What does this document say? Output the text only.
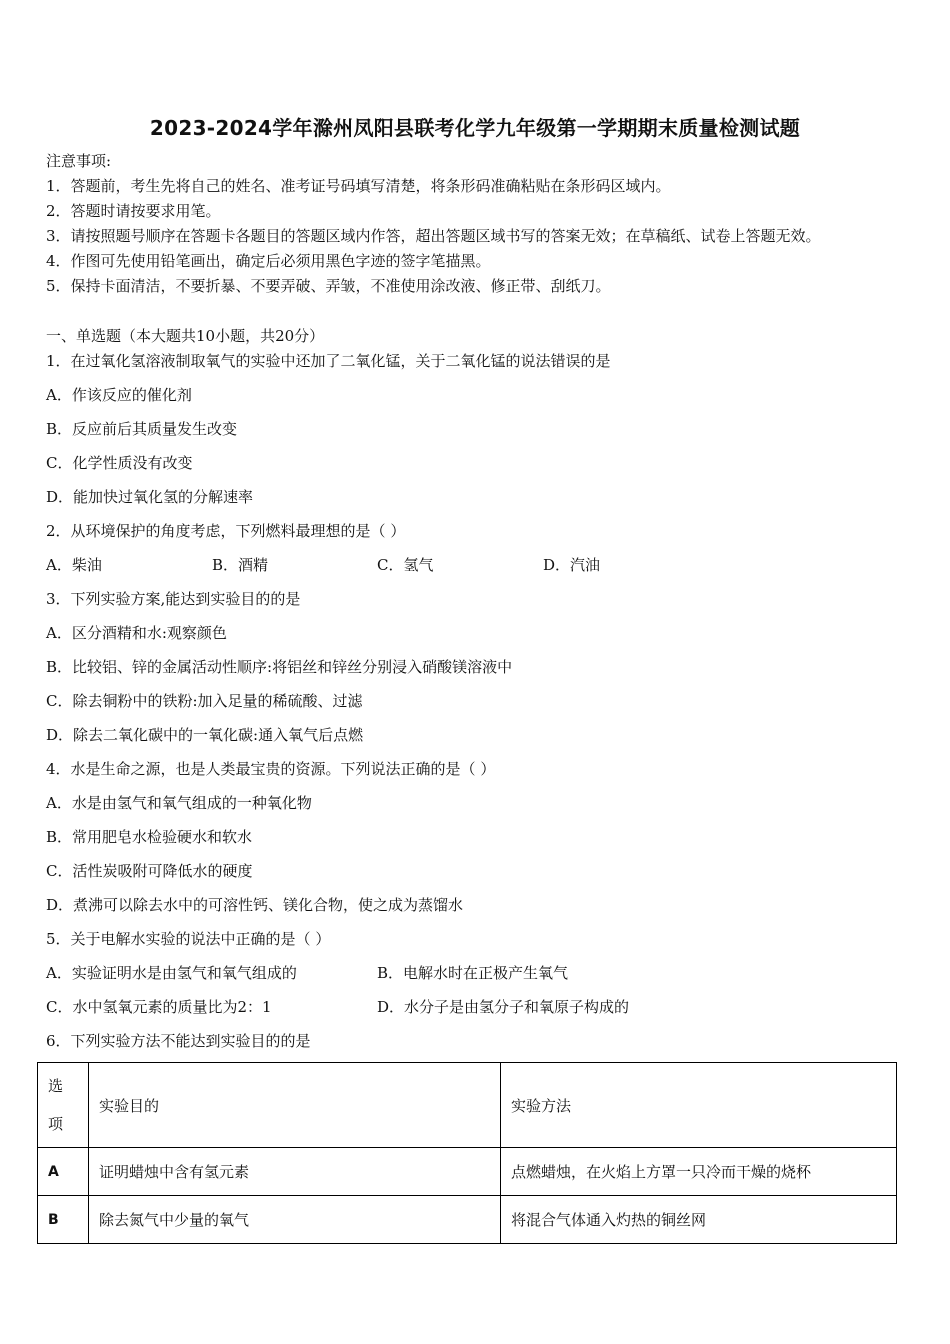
2023-2024学年滁州凤阳县联考化学九年级第一学期期末质量检测试题
注意事项:
1．答题前，考生先将自己的姓名、准考证号码填写清楚，将条形码准确粘贴在条形码区域内。
2．答题时请按要求用笔。
3．请按照题号顺序在答题卡各题目的答题区域内作答，超出答题区域书写的答案无效；在草稿纸、试卷上答题无效。
4．作图可先使用铅笔画出，确定后必须用黑色字迹的签字笔描黑。
5．保持卡面清洁，不要折暴、不要弄破、弄皱，不准使用涂改液、修正带、刮纸刀。
一、单选题（本大题共10小题，共20分）
1．在过氧化氢溶液制取氧气的实验中还加了二氧化锰，关于二氧化锰的说法错误的是
A．作该反应的催化剂
B．反应前后其质量发生改变
C．化学性质没有改变
D．能加快过氧化氢的分解速率
2．从环境保护的角度考虑，下列燃料最理想的是（ ）
A．柴油	B．酒精	C．氢气	D．汽油
3．下列实验方案,能达到实验目的的是
A．区分酒精和水:观察颜色
B．比较铝、锌的金属活动性顺序:将铝丝和锌丝分别浸入硝酸镁溶液中
C．除去铜粉中的铁粉:加入足量的稀硫酸、过滤
D．除去二氧化碳中的一氧化碳:通入氧气后点燃
4．水是生命之源，也是人类最宝贵的资源。下列说法正确的是（ ）
A．水是由氢气和氧气组成的一种氧化物
B．常用肥皂水检验硬水和软水
C．活性炭吸附可降低水的硬度
D．煮沸可以除去水中的可溶性钙、镁化合物，使之成为蒸馏水
5．关于电解水实验的说法中正确的是（ ）
A．实验证明水是由氢气和氧气组成的	B．电解水时在正极产生氧气
C．水中氢氧元素的质量比为2：1	D．水分子是由氢分子和氧原子构成的
6．下列实验方法不能达到实验目的的是
选
项	实验目的	实验方法
A	证明蜡烛中含有氢元素	点燃蜡烛，在火焰上方罩一只冷而干燥的烧杯
B	除去氮气中少量的氧气	将混合气体通入灼热的铜丝网
